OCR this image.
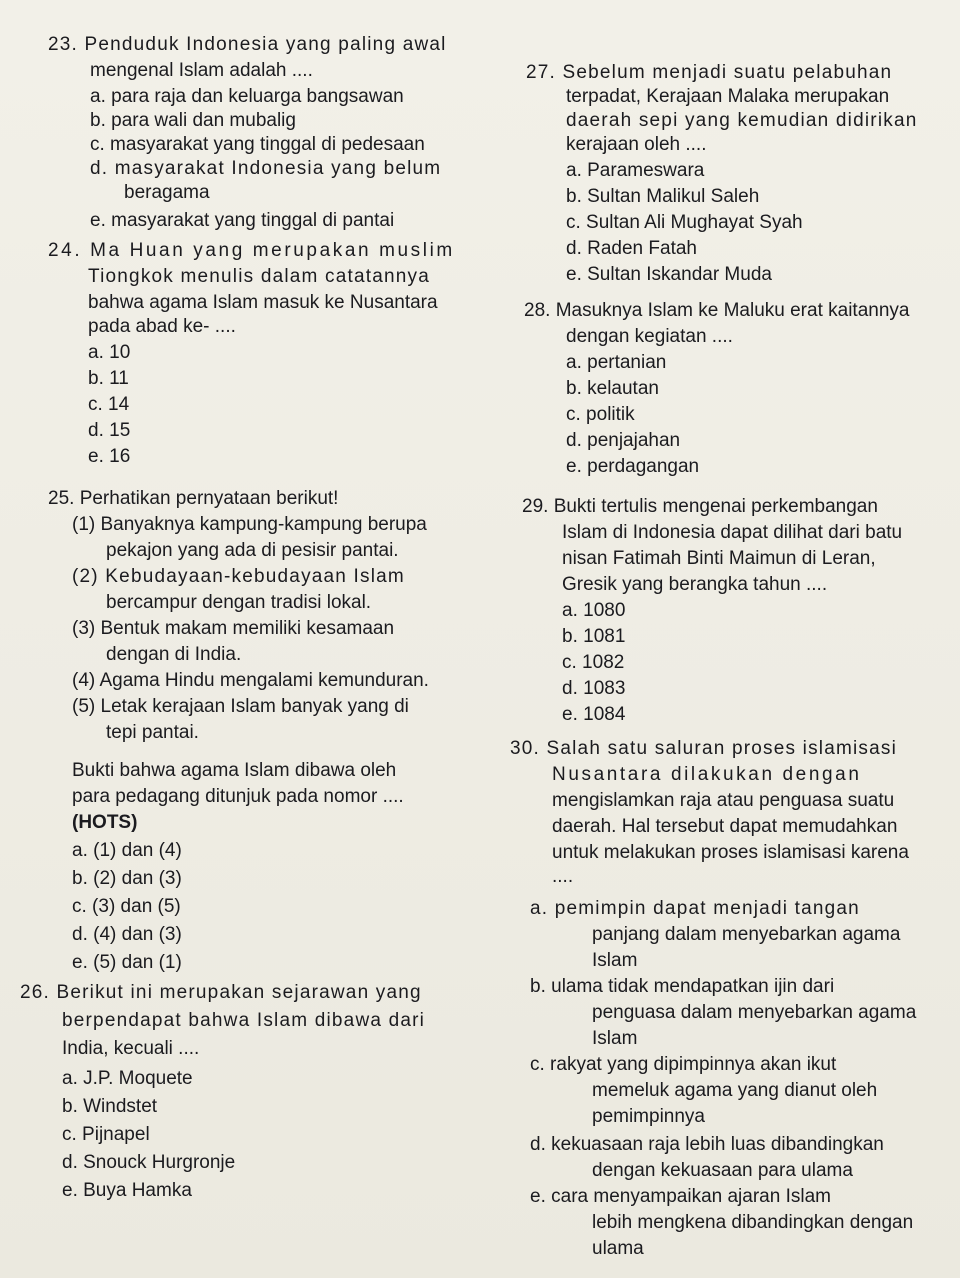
23. Penduduk Indonesia yang paling awal
mengenal Islam adalah ....
a. para raja dan keluarga bangsawan
b. para wali dan mubalig
c. masyarakat yang tinggal di pedesaan
d. masyarakat Indonesia yang belum
beragama
e. masyarakat yang tinggal di pantai
24. Ma Huan yang merupakan muslim
Tiongkok menulis dalam catatannya
bahwa agama Islam masuk ke Nusantara
pada abad ke- ....
a. 10
b. 11
c. 14
d. 15
e. 16
25. Perhatikan pernyataan berikut!
(1) Banyaknya kampung-kampung berupa
pekajon yang ada di pesisir pantai.
(2) Kebudayaan-kebudayaan Islam
bercampur dengan tradisi lokal.
(3) Bentuk makam memiliki kesamaan
dengan di India.
(4) Agama Hindu mengalami kemunduran.
(5) Letak kerajaan Islam banyak yang di
tepi pantai.
Bukti bahwa agama Islam dibawa oleh
para pedagang ditunjuk pada nomor ....
(HOTS)
a. (1) dan (4)
b. (2) dan (3)
c. (3) dan (5)
d. (4) dan (3)
e. (5) dan (1)
26. Berikut ini merupakan sejarawan yang
berpendapat bahwa Islam dibawa dari
India, kecuali ....
a. J.P. Moquete
b. Windstet
c. Pijnapel
d. Snouck Hurgronje
e. Buya Hamka
27. Sebelum menjadi suatu pelabuhan
terpadat, Kerajaan Malaka merupakan
daerah sepi yang kemudian didirikan
kerajaan oleh ....
a. Parameswara
b. Sultan Malikul Saleh
c. Sultan Ali Mughayat Syah
d. Raden Fatah
e. Sultan Iskandar Muda
28. Masuknya Islam ke Maluku erat kaitannya
dengan kegiatan ....
a. pertanian
b. kelautan
c. politik
d. penjajahan
e. perdagangan
29. Bukti tertulis mengenai perkembangan
Islam di Indonesia dapat dilihat dari batu
nisan Fatimah Binti Maimun di Leran,
Gresik yang berangka tahun ....
a. 1080
b. 1081
c. 1082
d. 1083
e. 1084
30. Salah satu saluran proses islamisasi
Nusantara dilakukan dengan
mengislamkan raja atau penguasa suatu
daerah. Hal tersebut dapat memudahkan
untuk melakukan proses islamisasi karena
....
a. pemimpin dapat menjadi tangan
panjang dalam menyebarkan agama
Islam
b. ulama tidak mendapatkan ijin dari
penguasa dalam menyebarkan agama
Islam
c. rakyat yang dipimpinnya akan ikut
memeluk agama yang dianut oleh
pemimpinnya
d. kekuasaan raja lebih luas dibandingkan
dengan kekuasaan para ulama
e. cara menyampaikan ajaran Islam
lebih mengkena dibandingkan dengan
ulama
